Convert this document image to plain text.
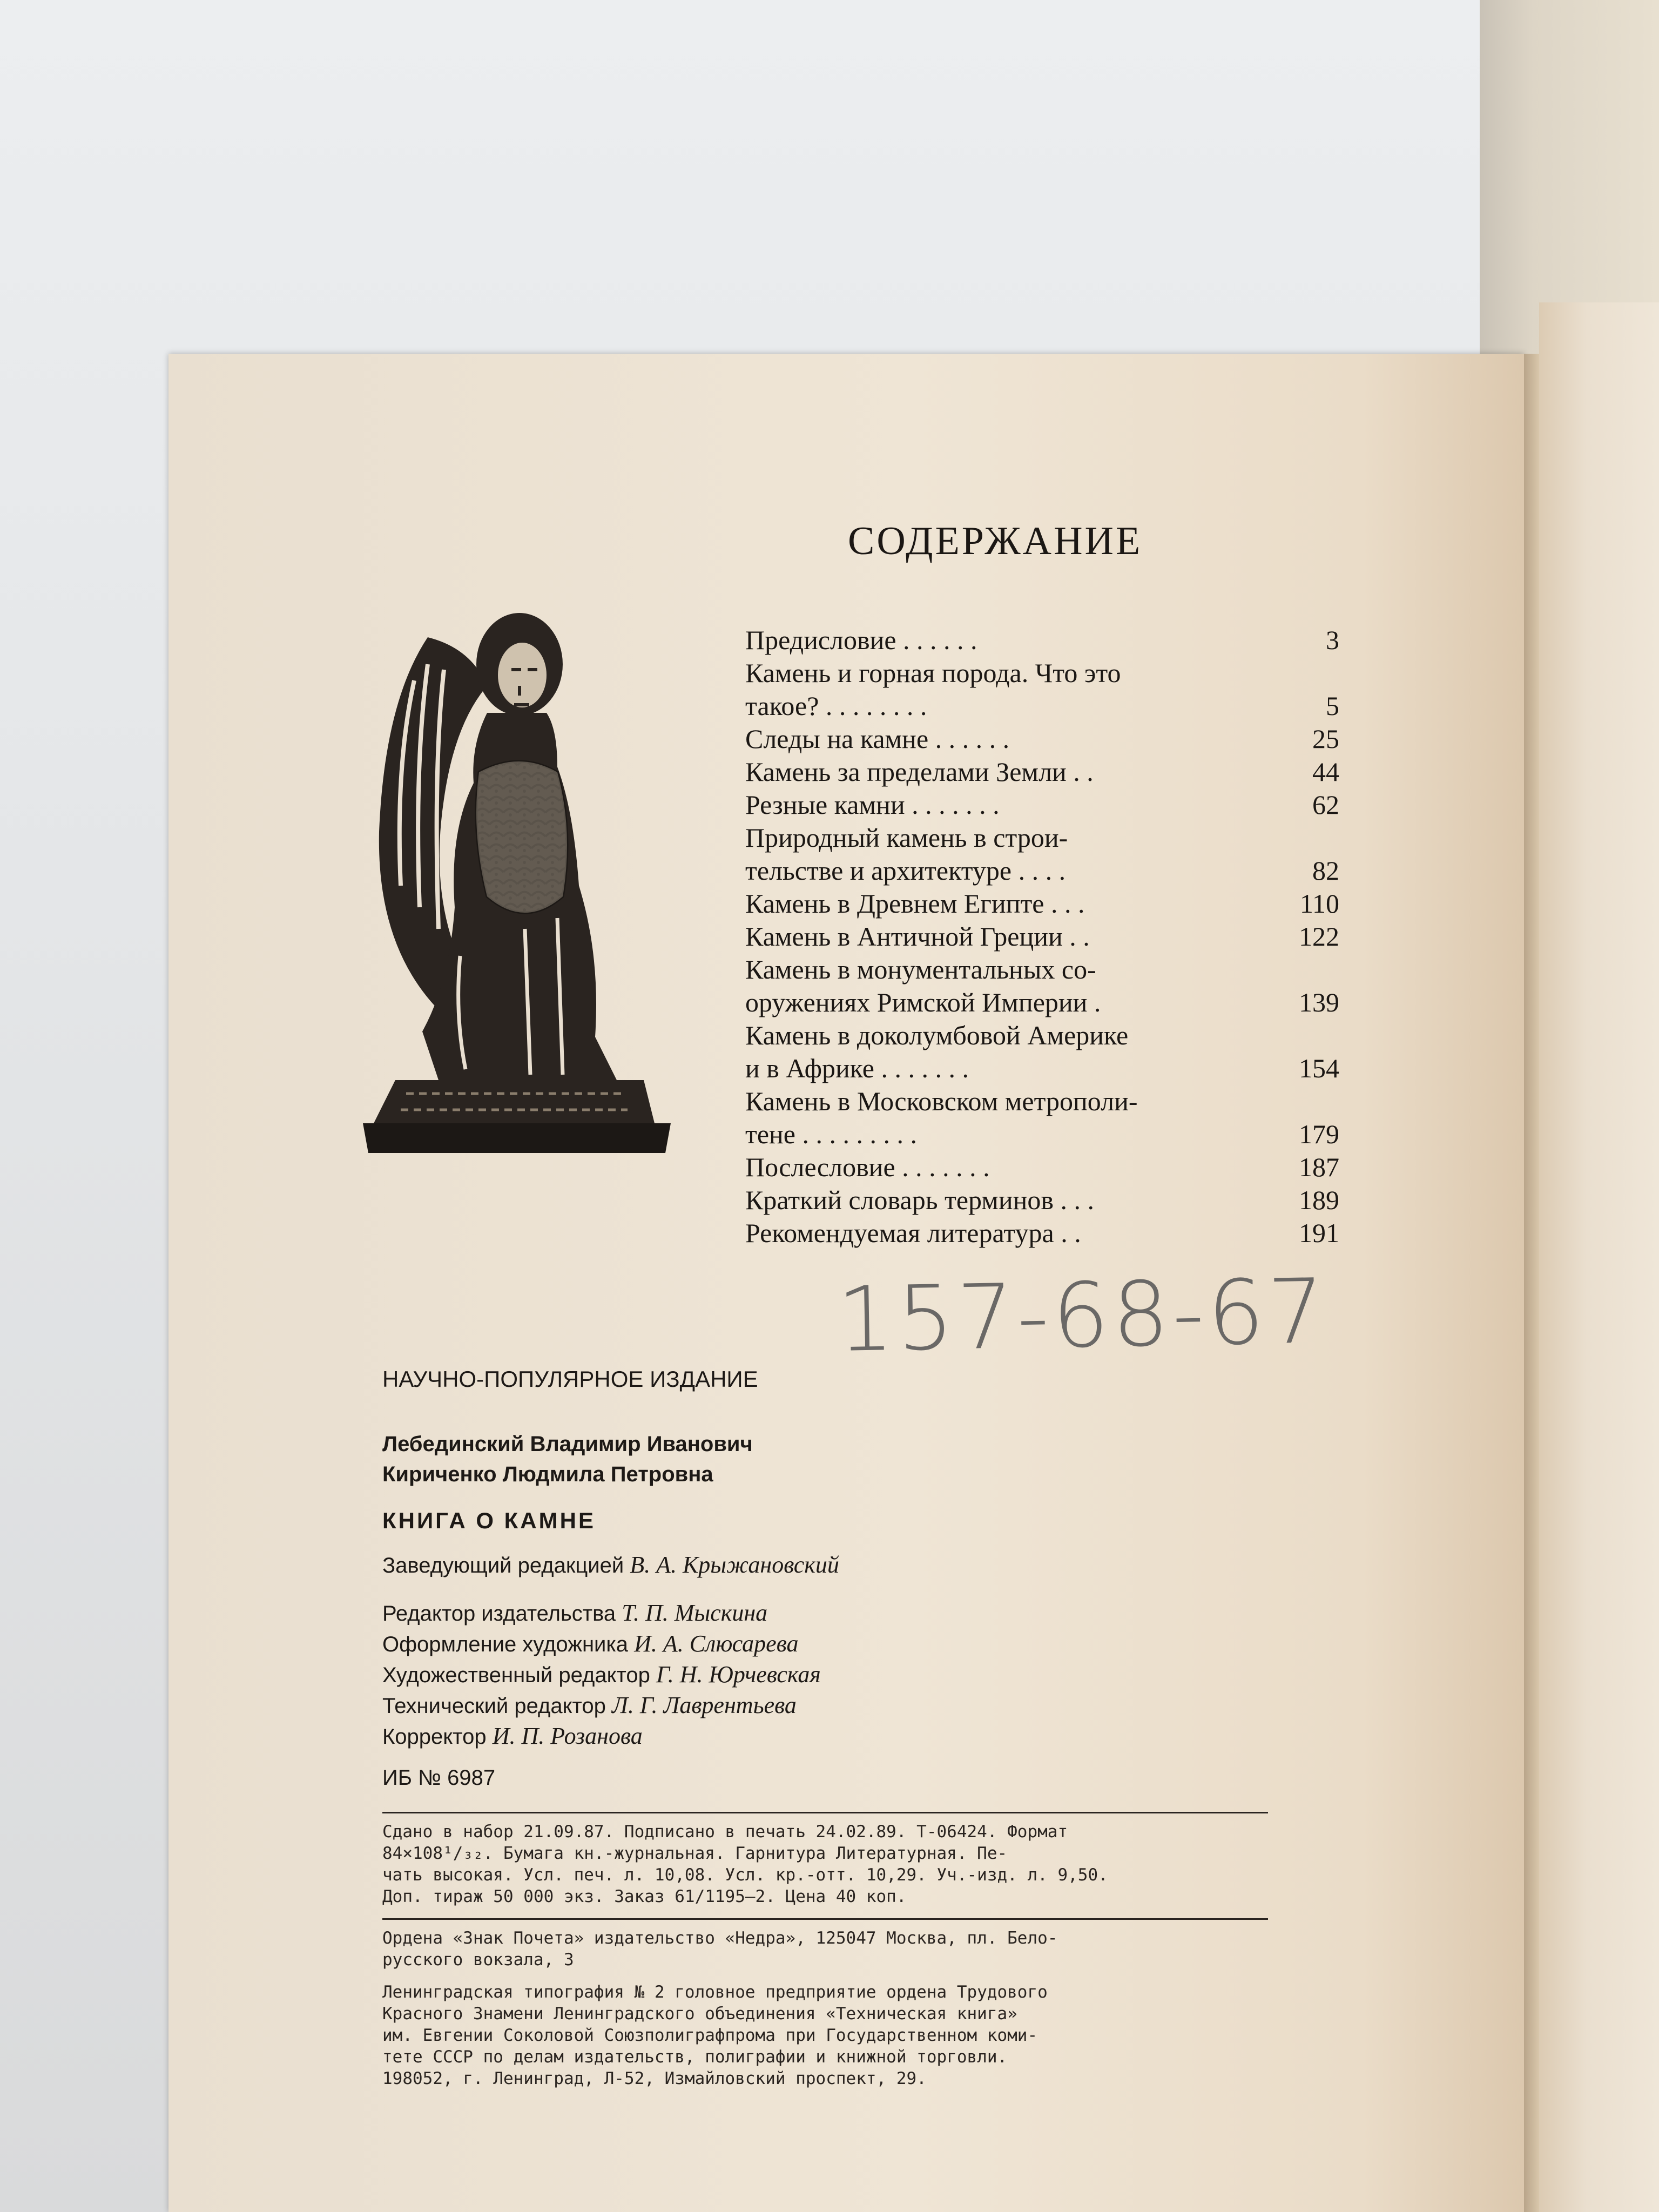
СОДЕРЖАНИЕ
Предисловие . . . . . .	3
Камень и горная порода. Что это
такое? . . . . . . . .	5
Следы на камне . . . . . .	25
Камень за пределами Земли . .	44
Резные камни . . . . . . .	62
Природный камень в строи-
тельстве и архитектуре . . . .	82
Камень в Древнем Египте . . .	110
Камень в Античной Греции . .	122
Камень в монументальных со-
оружениях Римской Империи .	139
Камень в доколумбовой Америке
и в Африке . . . . . . .	154
Камень в Московском метрополи-
тене . . . . . . . . .	179
Послесловие . . . . . . .	187
Краткий словарь терминов . . .	189
Рекомендуемая литература . .	191
157-68-67
НАУЧНО-ПОПУЛЯРНОЕ ИЗДАНИЕ
Лебединский Владимир Иванович
Кириченко Людмила Петровна
КНИГА О КАМНЕ
Заведующий редакцией В. А. Крыжановский
Редактор издательства Т. П. Мыскина
Оформление художника И. А. Слюсарева
Художественный редактор Г. Н. Юрчевская
Технический редактор Л. Г. Лаврентьева
Корректор И. П. Розанова
ИБ № 6987
Сдано в набор 21.09.87. Подписано в печать 24.02.89. Т-06424. Формат
84×108¹/₃₂. Бумага кн.-журнальная. Гарнитура Литературная. Пе-
чать высокая. Усл. печ. л. 10,08. Усл. кр.-отт. 10,29. Уч.-изд. л. 9,50.
Доп. тираж 50 000 экз. Заказ 61/1195—2. Цена 40 коп.
Ордена «Знак Почета» издательство «Недра», 125047 Москва, пл. Бело-
русского вокзала, 3
Ленинградская типография № 2 головное предприятие ордена Трудового
Красного Знамени Ленинградского объединения «Техническая книга»
им. Евгении Соколовой Союзполиграфпрома при Государственном коми-
тете СССР по делам издательств, полиграфии и книжной торговли.
198052, г. Ленинград, Л-52, Измайловский проспект, 29.
